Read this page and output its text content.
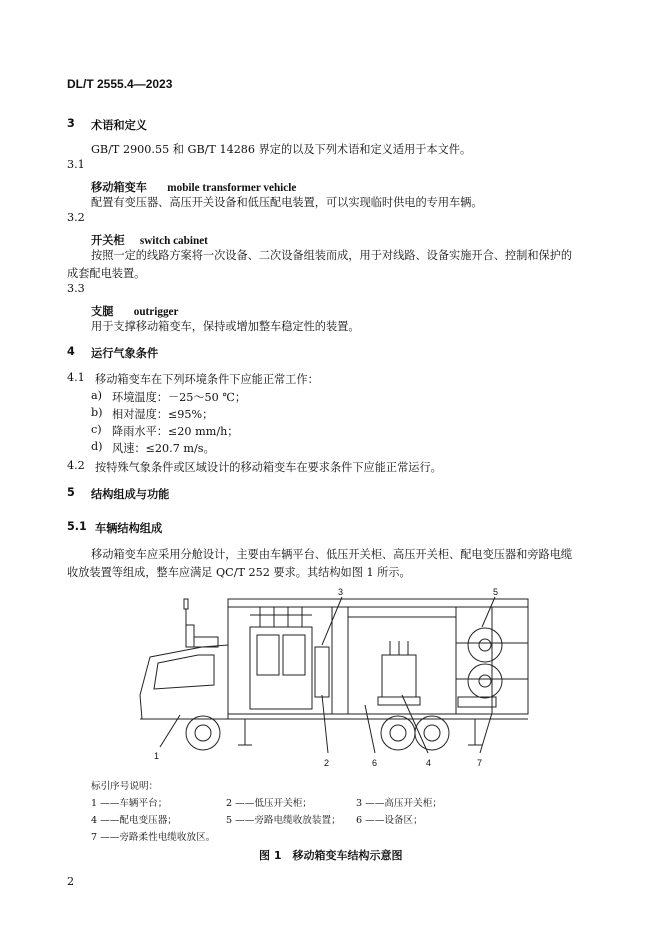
DL/T 2555.4—2023
3 术语和定义
GB/T 2900.55 和 GB/T 14286 界定的以及下列术语和定义适用于本文件。
3.1
移动箱变车 mobile transformer vehicle
配置有变压器、高压开关设备和低压配电装置，可以实现临时供电的专用车辆。
3.2
开关柜 switch cabinet
按照一定的线路方案将一次设备、二次设备组装而成，用于对线路、设备实施开合、控制和保护的
成套配电装置。
3.3
支腿 outrigger
用于支撑移动箱变车，保持或增加整车稳定性的装置。
4 运行气象条件
4.1 移动箱变车在下列环境条件下应能正常工作：
a) 环境温度：－25～50 ℃；
b) 相对湿度：≤95%；
c) 降雨水平：≤20 mm/h；
d) 风速：≤20.7 m/s。
4.2 按特殊气象条件或区域设计的移动箱变车在要求条件下应能正常运行。
5 结构组成与功能
5.1 车辆结构组成
移动箱变车应采用分舱设计，主要由车辆平台、低压开关柜、高压开关柜、配电变压器和旁路电缆
收放装置等组成，整车应满足 QC/T 252 要求。其结构如图 1 所示。
1
2
3
4
5
6	7
标引序号说明：
1 ——车辆平台；	2 ——低压开关柜；	3 ——高压开关柜；
4 ——配电变压器；	5 ——旁路电缆收放装置； 6 ——设备区；
7 ——旁路柔性电缆收放区。
图 1　移动箱变车结构示意图
2
